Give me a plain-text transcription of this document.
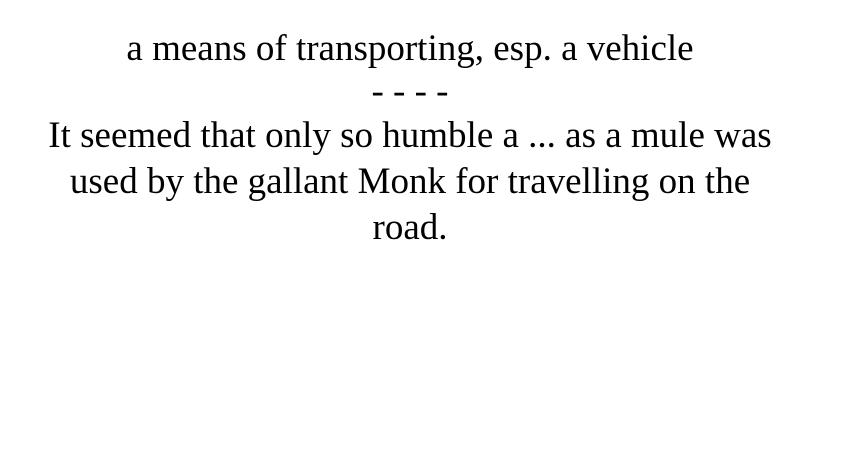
a means of transporting, esp. a vehicle

- - - -

It seemed that only so humble a ... as a mule was used by the gallant Monk for travelling on the road.
